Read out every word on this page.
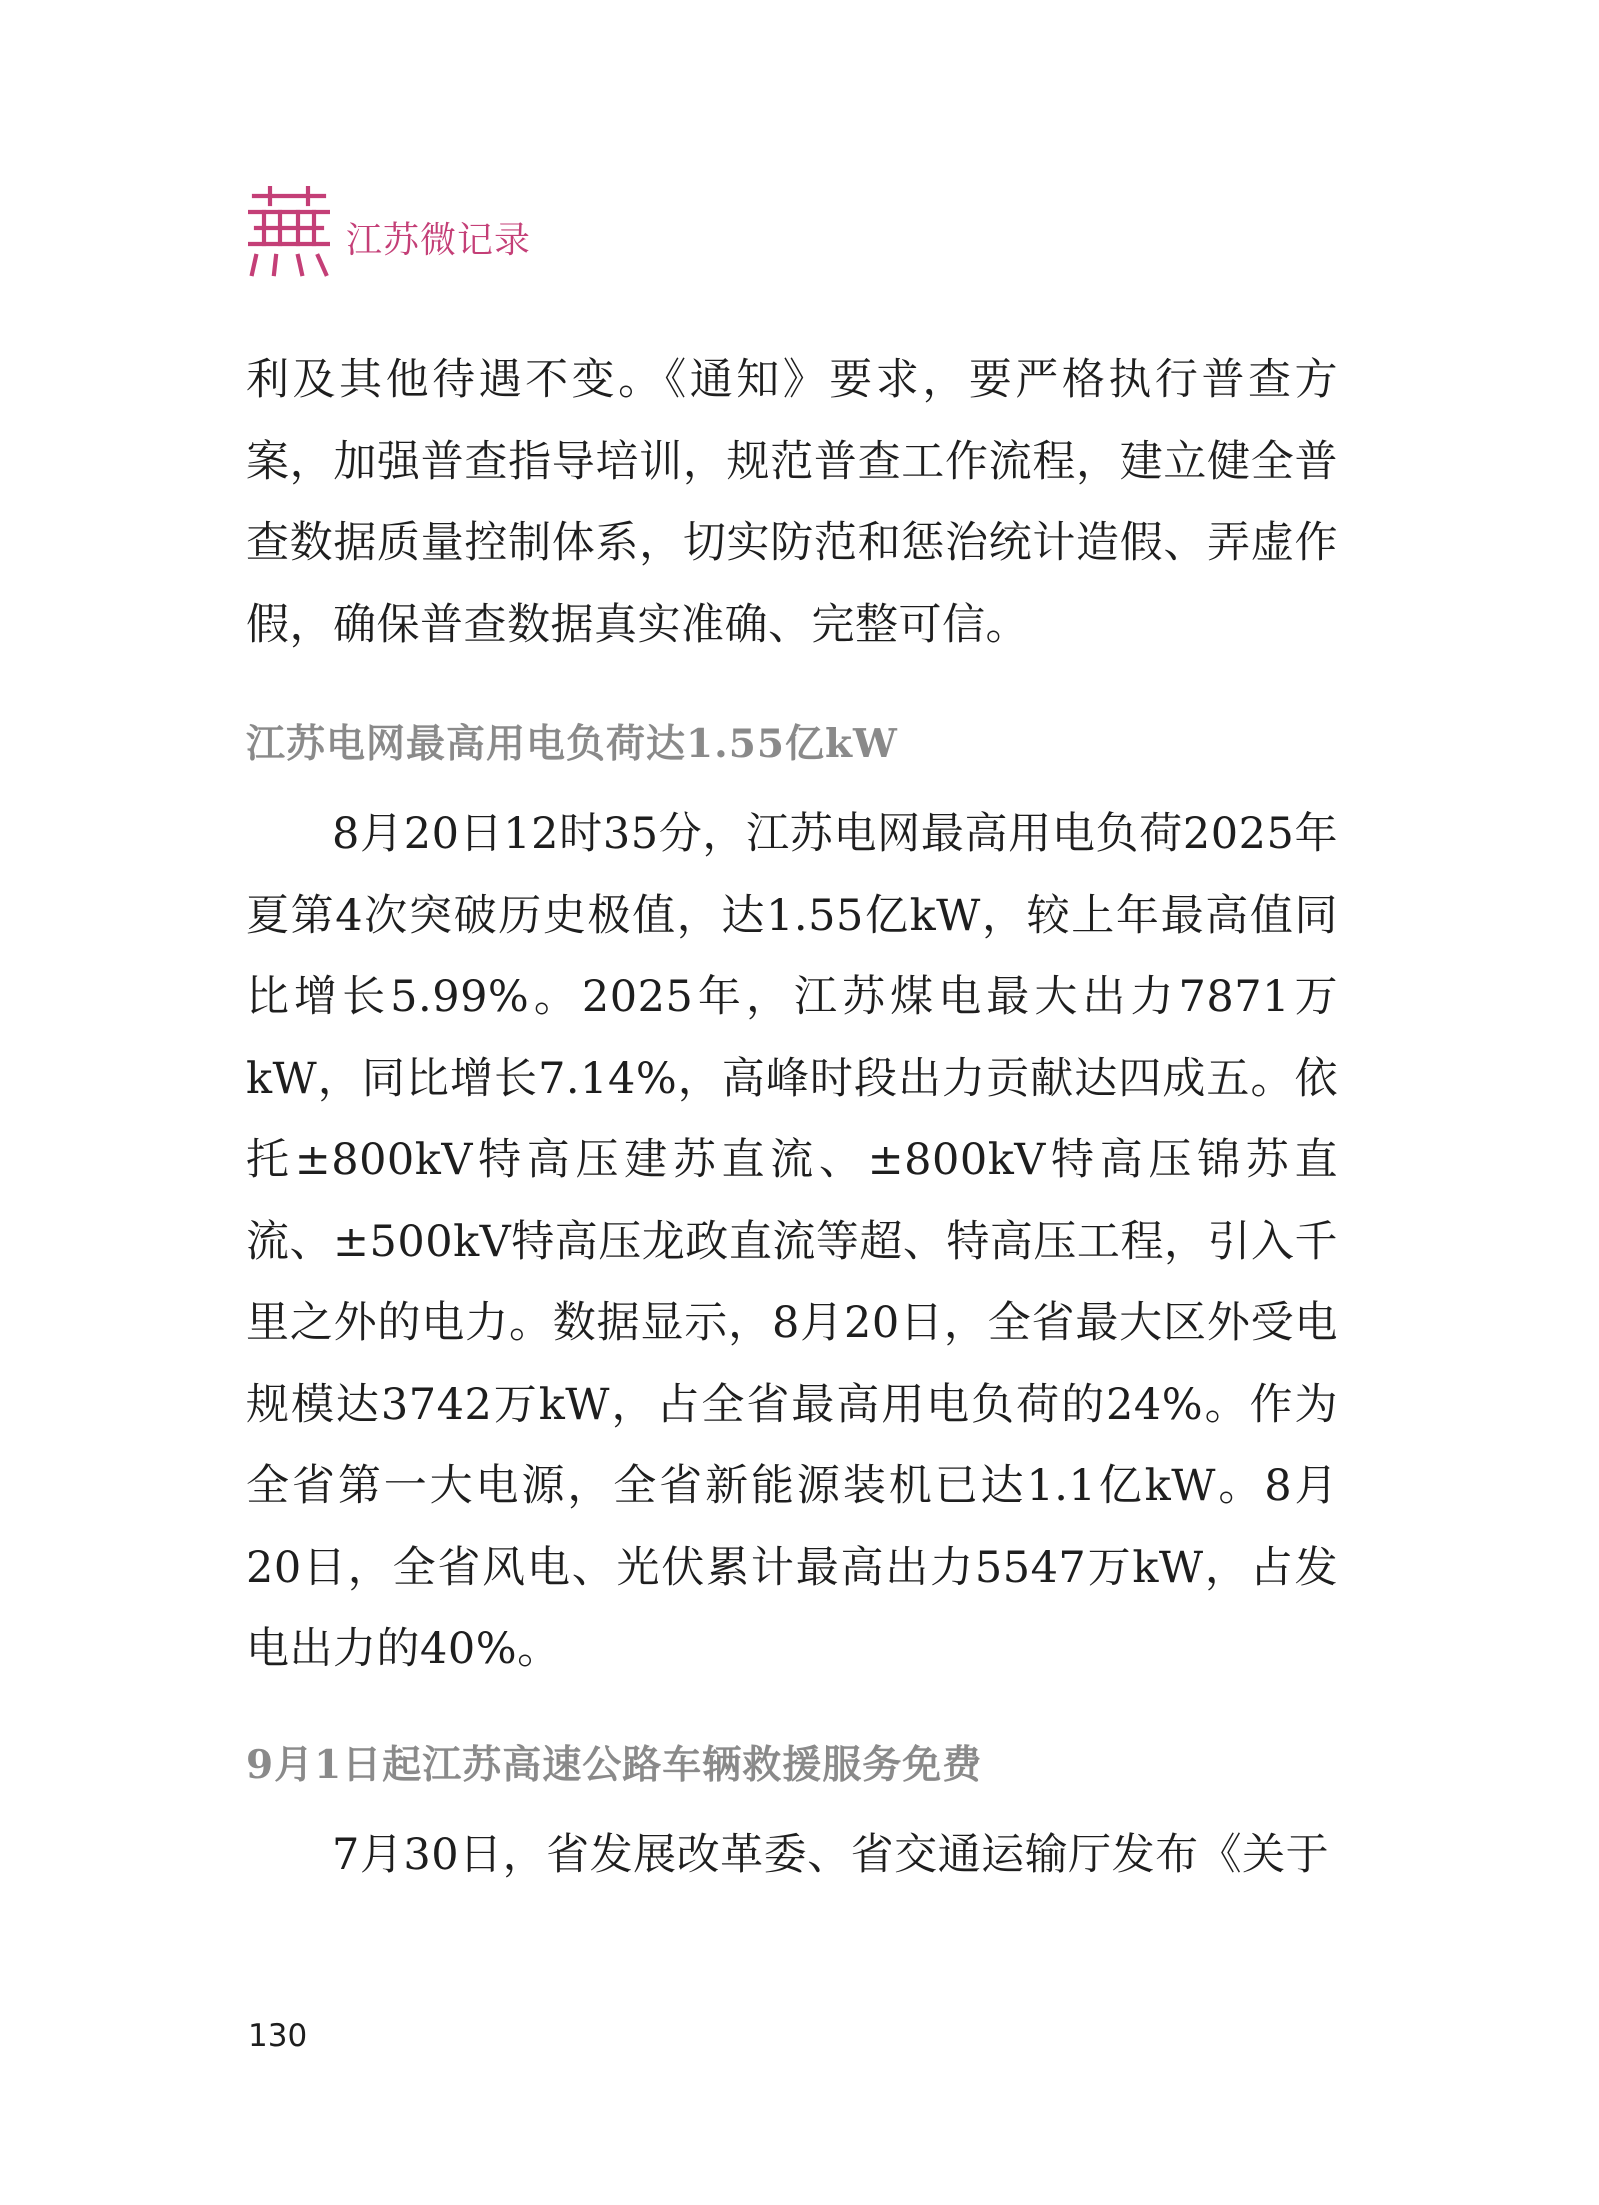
江苏微记录

利及其他待遇不变。《通知》要求，要严格执行普查方案，加强普查指导培训，规范普查工作流程，建立健全普查数据质量控制体系，切实防范和惩治统计造假、弄虚作假，确保普查数据真实准确、完整可信。

江苏电网最高用电负荷达1.55亿kW

8月20日12时35分，江苏电网最高用电负荷2025年夏第4次突破历史极值，达1.55亿kW，较上年最高值同比增长5.99%。2025年，江苏煤电最大出力7871万kW，同比增长7.14%，高峰时段出力贡献达四成五。依托±800kV特高压建苏直流、±800kV特高压锦苏直流、±500kV特高压龙政直流等超、特高压工程，引入千里之外的电力。数据显示，8月20日，全省最大区外受电规模达3742万kW，占全省最高用电负荷的24%。作为全省第一大电源，全省新能源装机已达1.1亿kW。8月20日，全省风电、光伏累计最高出力5547万kW，占发电出力的40%。

9月1日起江苏高速公路车辆救援服务免费

7月30日，省发展改革委、省交通运输厅发布《关于

130
